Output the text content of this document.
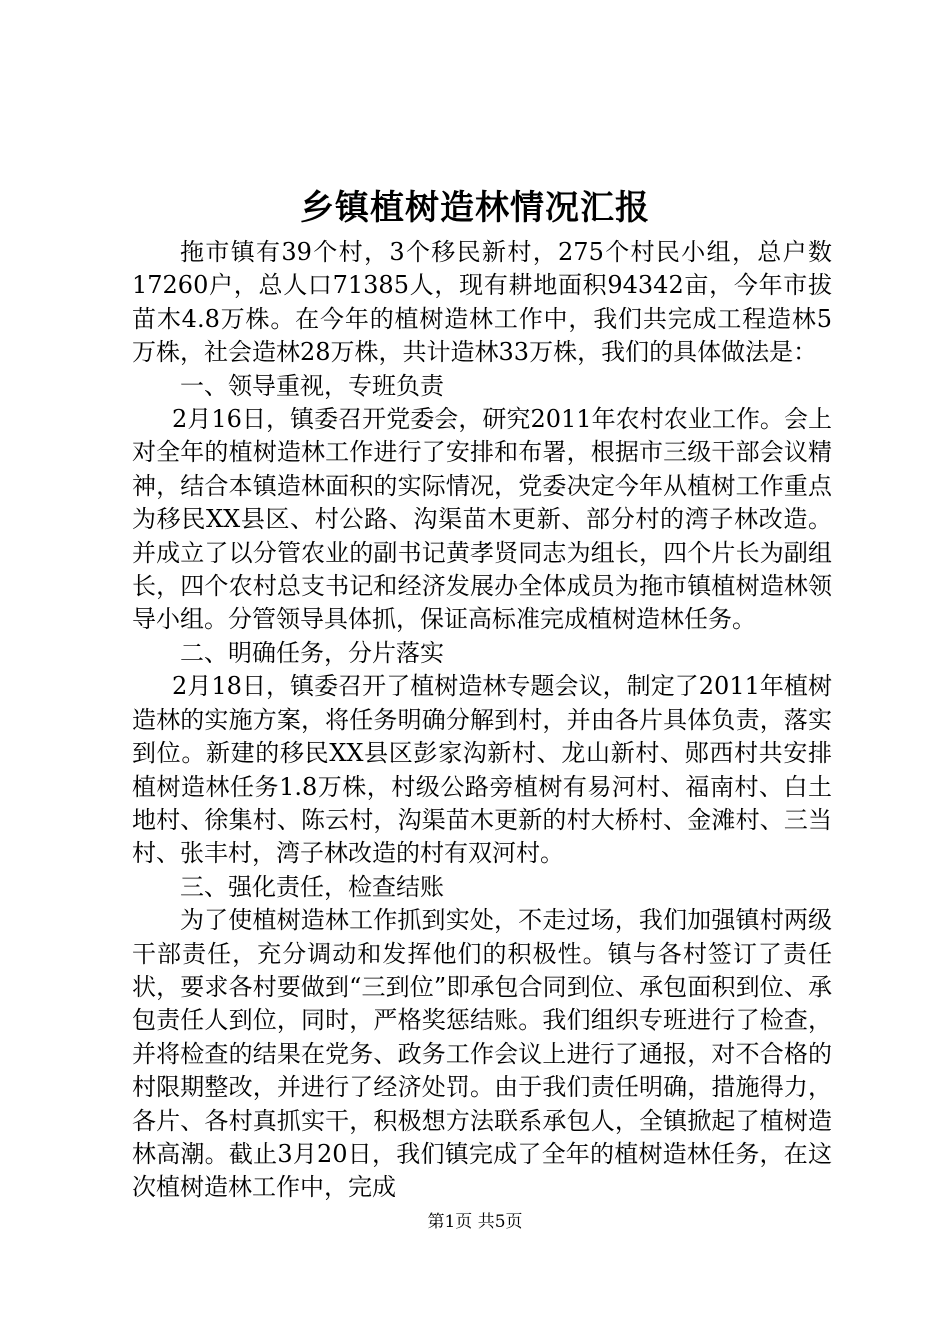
乡镇植树造林情况汇报

拖市镇有39个村，3个移民新村，275个村民小组，总户数17260户，总人口71385人，现有耕地面积94342亩，今年市拔苗木4.8万株。在今年的植树造林工作中，我们共完成工程造林5万株，社会造林28万株，共计造林33万株，我们的具体做法是：

一、领导重视，专班负责

2月16日，镇委召开党委会，研究2011年农村农业工作。会上对全年的植树造林工作进行了安排和布署，根据市三级干部会议精神，结合本镇造林面积的实际情况，党委决定今年从植树工作重点为移民XX县区、村公路、沟渠苗木更新、部分村的湾子林改造。并成立了以分管农业的副书记黄孝贤同志为组长，四个片长为副组长，四个农村总支书记和经济发展办全体成员为拖市镇植树造林领导小组。分管领导具体抓，保证高标准完成植树造林任务。

二、明确任务，分片落实

2月18日，镇委召开了植树造林专题会议，制定了2011年植树造林的实施方案，将任务明确分解到村，并由各片具体负责，落实到位。新建的移民XX县区彭家沟新村、龙山新村、郧西村共安排植树造林任务1.8万株，村级公路旁植树有易河村、福南村、白土地村、徐集村、陈云村，沟渠苗木更新的村大桥村、金滩村、三当村、张丰村，湾子林改造的村有双河村。

三、强化责任，检查结账

为了使植树造林工作抓到实处，不走过场，我们加强镇村两级干部责任，充分调动和发挥他们的积极性。镇与各村签订了责任状，要求各村要做到“三到位”即承包合同到位、承包面积到位、承包责任人到位，同时，严格奖惩结账。我们组织专班进行了检查，并将检查的结果在党务、政务工作会议上进行了通报，对不合格的村限期整改，并进行了经济处罚。由于我们责任明确，措施得力，各片、各村真抓实干，积极想方法联系承包人，全镇掀起了植树造林高潮。截止3月20日，我们镇完成了全年的植树造林任务，在这次植树造林工作中，完成

第1页 共5页
